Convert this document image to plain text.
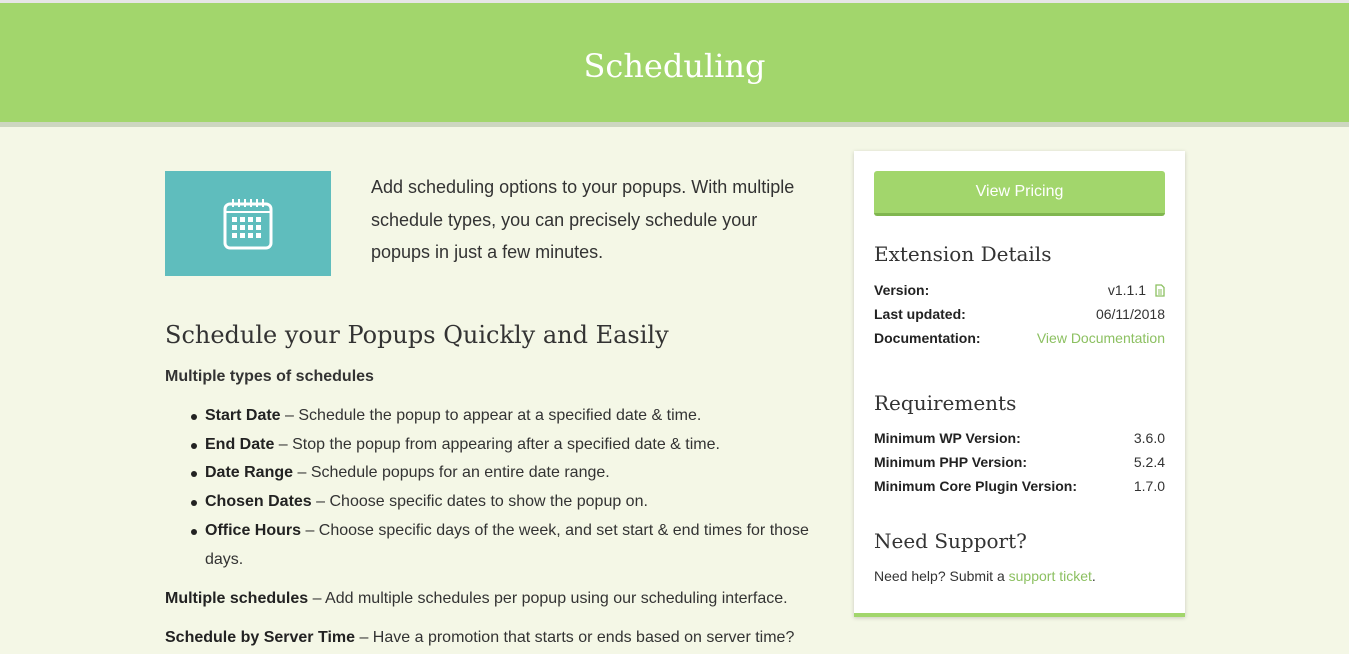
Scheduling

Add scheduling options to your popups. With multiple schedule types, you can precisely schedule your popups in just a few minutes.

Schedule your Popups Quickly and Easily

Multiple types of schedules

Start Date – Schedule the popup to appear at a specified date & time.
End Date – Stop the popup from appearing after a specified date & time.
Date Range – Schedule popups for an entire date range.
Chosen Dates – Choose specific dates to show the popup on.
Office Hours – Choose specific days of the week, and set start & end times for those days.

Multiple schedules – Add multiple schedules per popup using our scheduling interface.

Schedule by Server Time – Have a promotion that starts or ends based on server time?

View Pricing
Extension Details
Version:	v1.1.1
Last updated:	06/11/2018
Documentation:	View Documentation
Requirements
Minimum WP Version:	3.6.0
Minimum PHP Version:	5.2.4
Minimum Core Plugin Version:	1.7.0
Need Support?

Need help? Submit a support ticket.
